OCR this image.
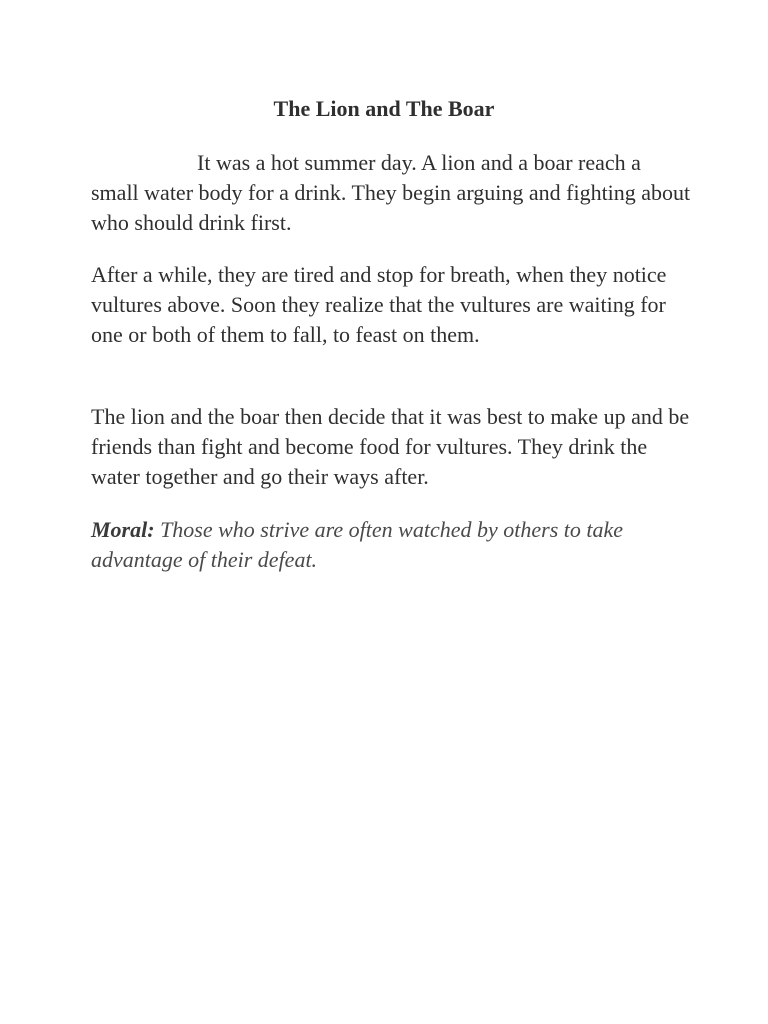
The Lion and The Boar

It was a hot summer day. A lion and a boar reach a small water body for a drink. They begin arguing and fighting about who should drink first.

After a while, they are tired and stop for breath, when they notice vultures above. Soon they realize that the vultures are waiting for one or both of them to fall, to feast on them.

The lion and the boar then decide that it was best to make up and be friends than fight and become food for vultures. They drink the water together and go their ways after.

Moral: Those who strive are often watched by others to take advantage of their defeat.
